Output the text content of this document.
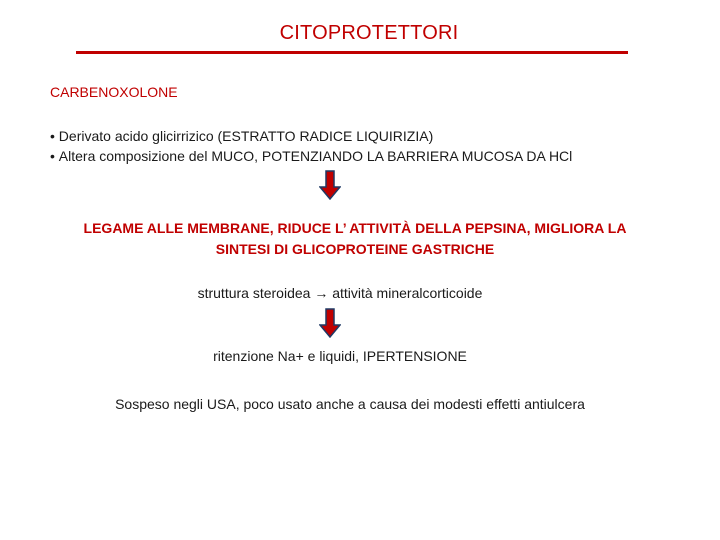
CITOPROTETTORI
CARBENOXOLONE
• Derivato acido glicirrizico (ESTRATTO RADICE LIQUIRIZIA)
• Altera composizione del MUCO, POTENZIANDO LA BARRIERA MUCOSA DA HCl
LEGAME ALLE MEMBRANE, RIDUCE L’ ATTIVITÀ DELLA PEPSINA, MIGLIORA LA
SINTESI DI GLICOPROTEINE GASTRICHE
struttura steroidea → attività mineralcorticoide
ritenzione Na+ e liquidi, IPERTENSIONE
Sospeso negli USA, poco usato anche a causa dei modesti effetti antiulcera
